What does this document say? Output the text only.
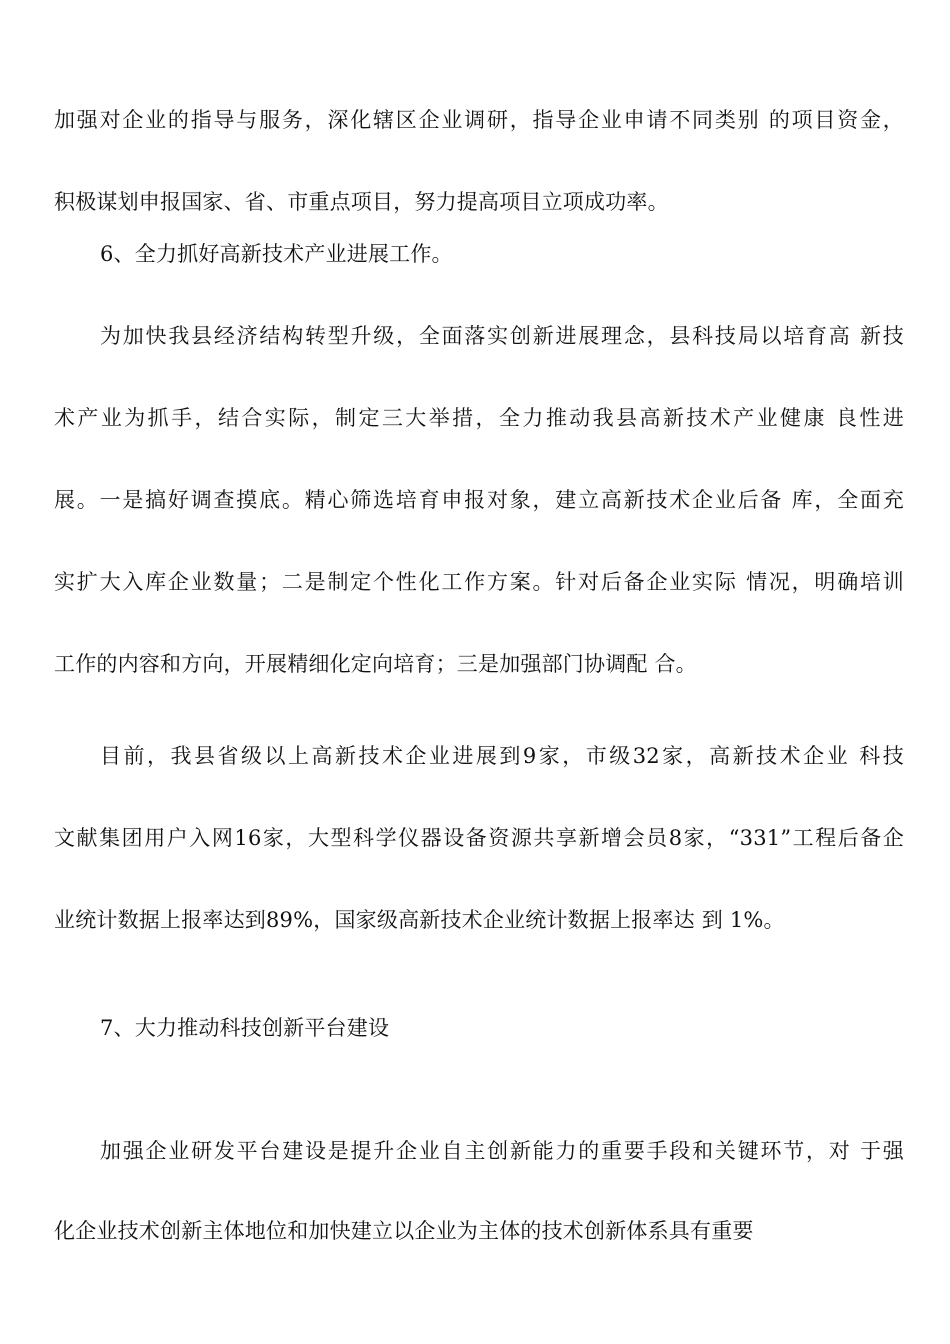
加强对企业的指导与服务，深化辖区企业调研，指导企业申请不同类别 的项目资金，
积极谋划申报国家、省、市重点项目，努力提高项目立项成功率。
6、全力抓好高新技术产业进展工作。
为加快我县经济结构转型升级，全面落实创新进展理念，县科技局以培育高 新技
术产业为抓手，结合实际，制定三大举措，全力推动我县高新技术产业健康 良性进
展。一是搞好调查摸底。精心筛选培育申报对象，建立高新技术企业后备 库，全面充
实扩大入库企业数量；二是制定个性化工作方案。针对后备企业实际 情况，明确培训
工作的内容和方向，开展精细化定向培育；三是加强部门协调配 合。
目前，我县省级以上高新技术企业进展到9家，市级32家，高新技术企业 科技
文献集团用户入网16家，大型科学仪器设备资源共享新增会员8家，“331”工程后备企
业统计数据上报率达到89%，国家级高新技术企业统计数据上报率达 到 1%。
7、大力推动科技创新平台建设
加强企业研发平台建设是提升企业自主创新能力的重要手段和关键环节，对 于强
化企业技术创新主体地位和加快建立以企业为主体的技术创新体系具有重要
